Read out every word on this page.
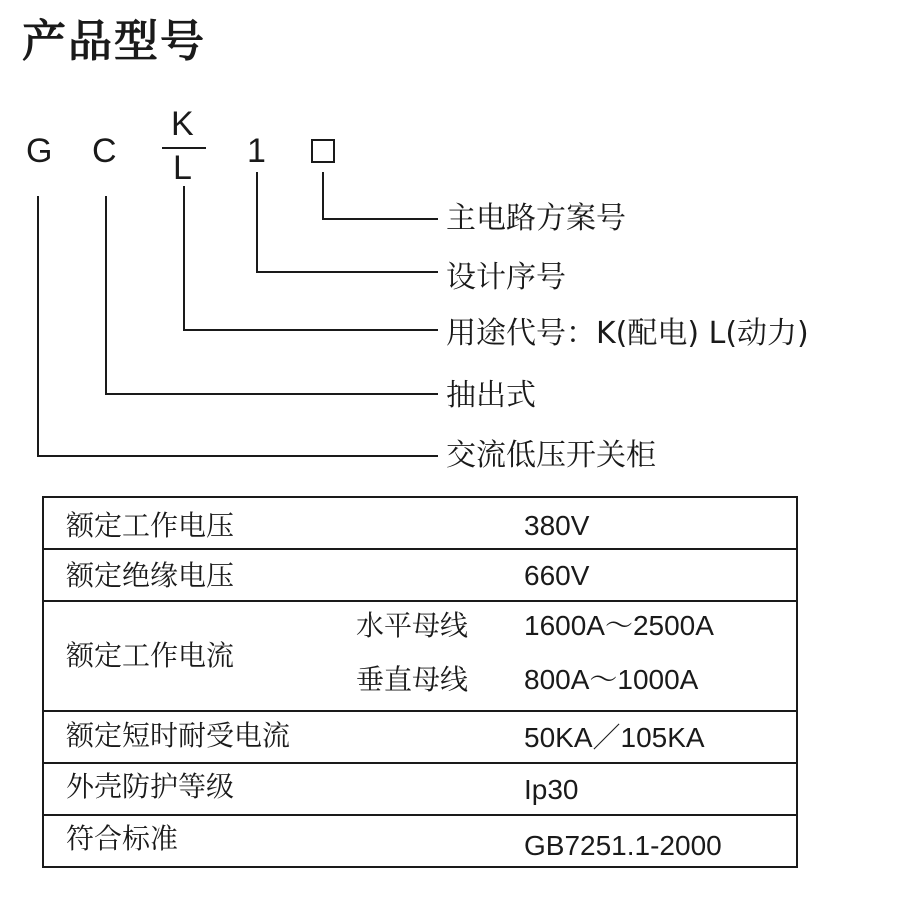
产品型号
G C
K
L 1
主电路方案号
设计序号
用途代号：K(配电) L(动力)
抽出式
交流低压开关柜
额定工作电压	380V

额定绝缘电压	660V

额定工作电流
水平母线 1600A～2500A
垂直母线 800A～1000A

额定短时耐受电流	50KA／105KA

外壳防护等级	Ip30

符合标准	GB7251.1-2000
